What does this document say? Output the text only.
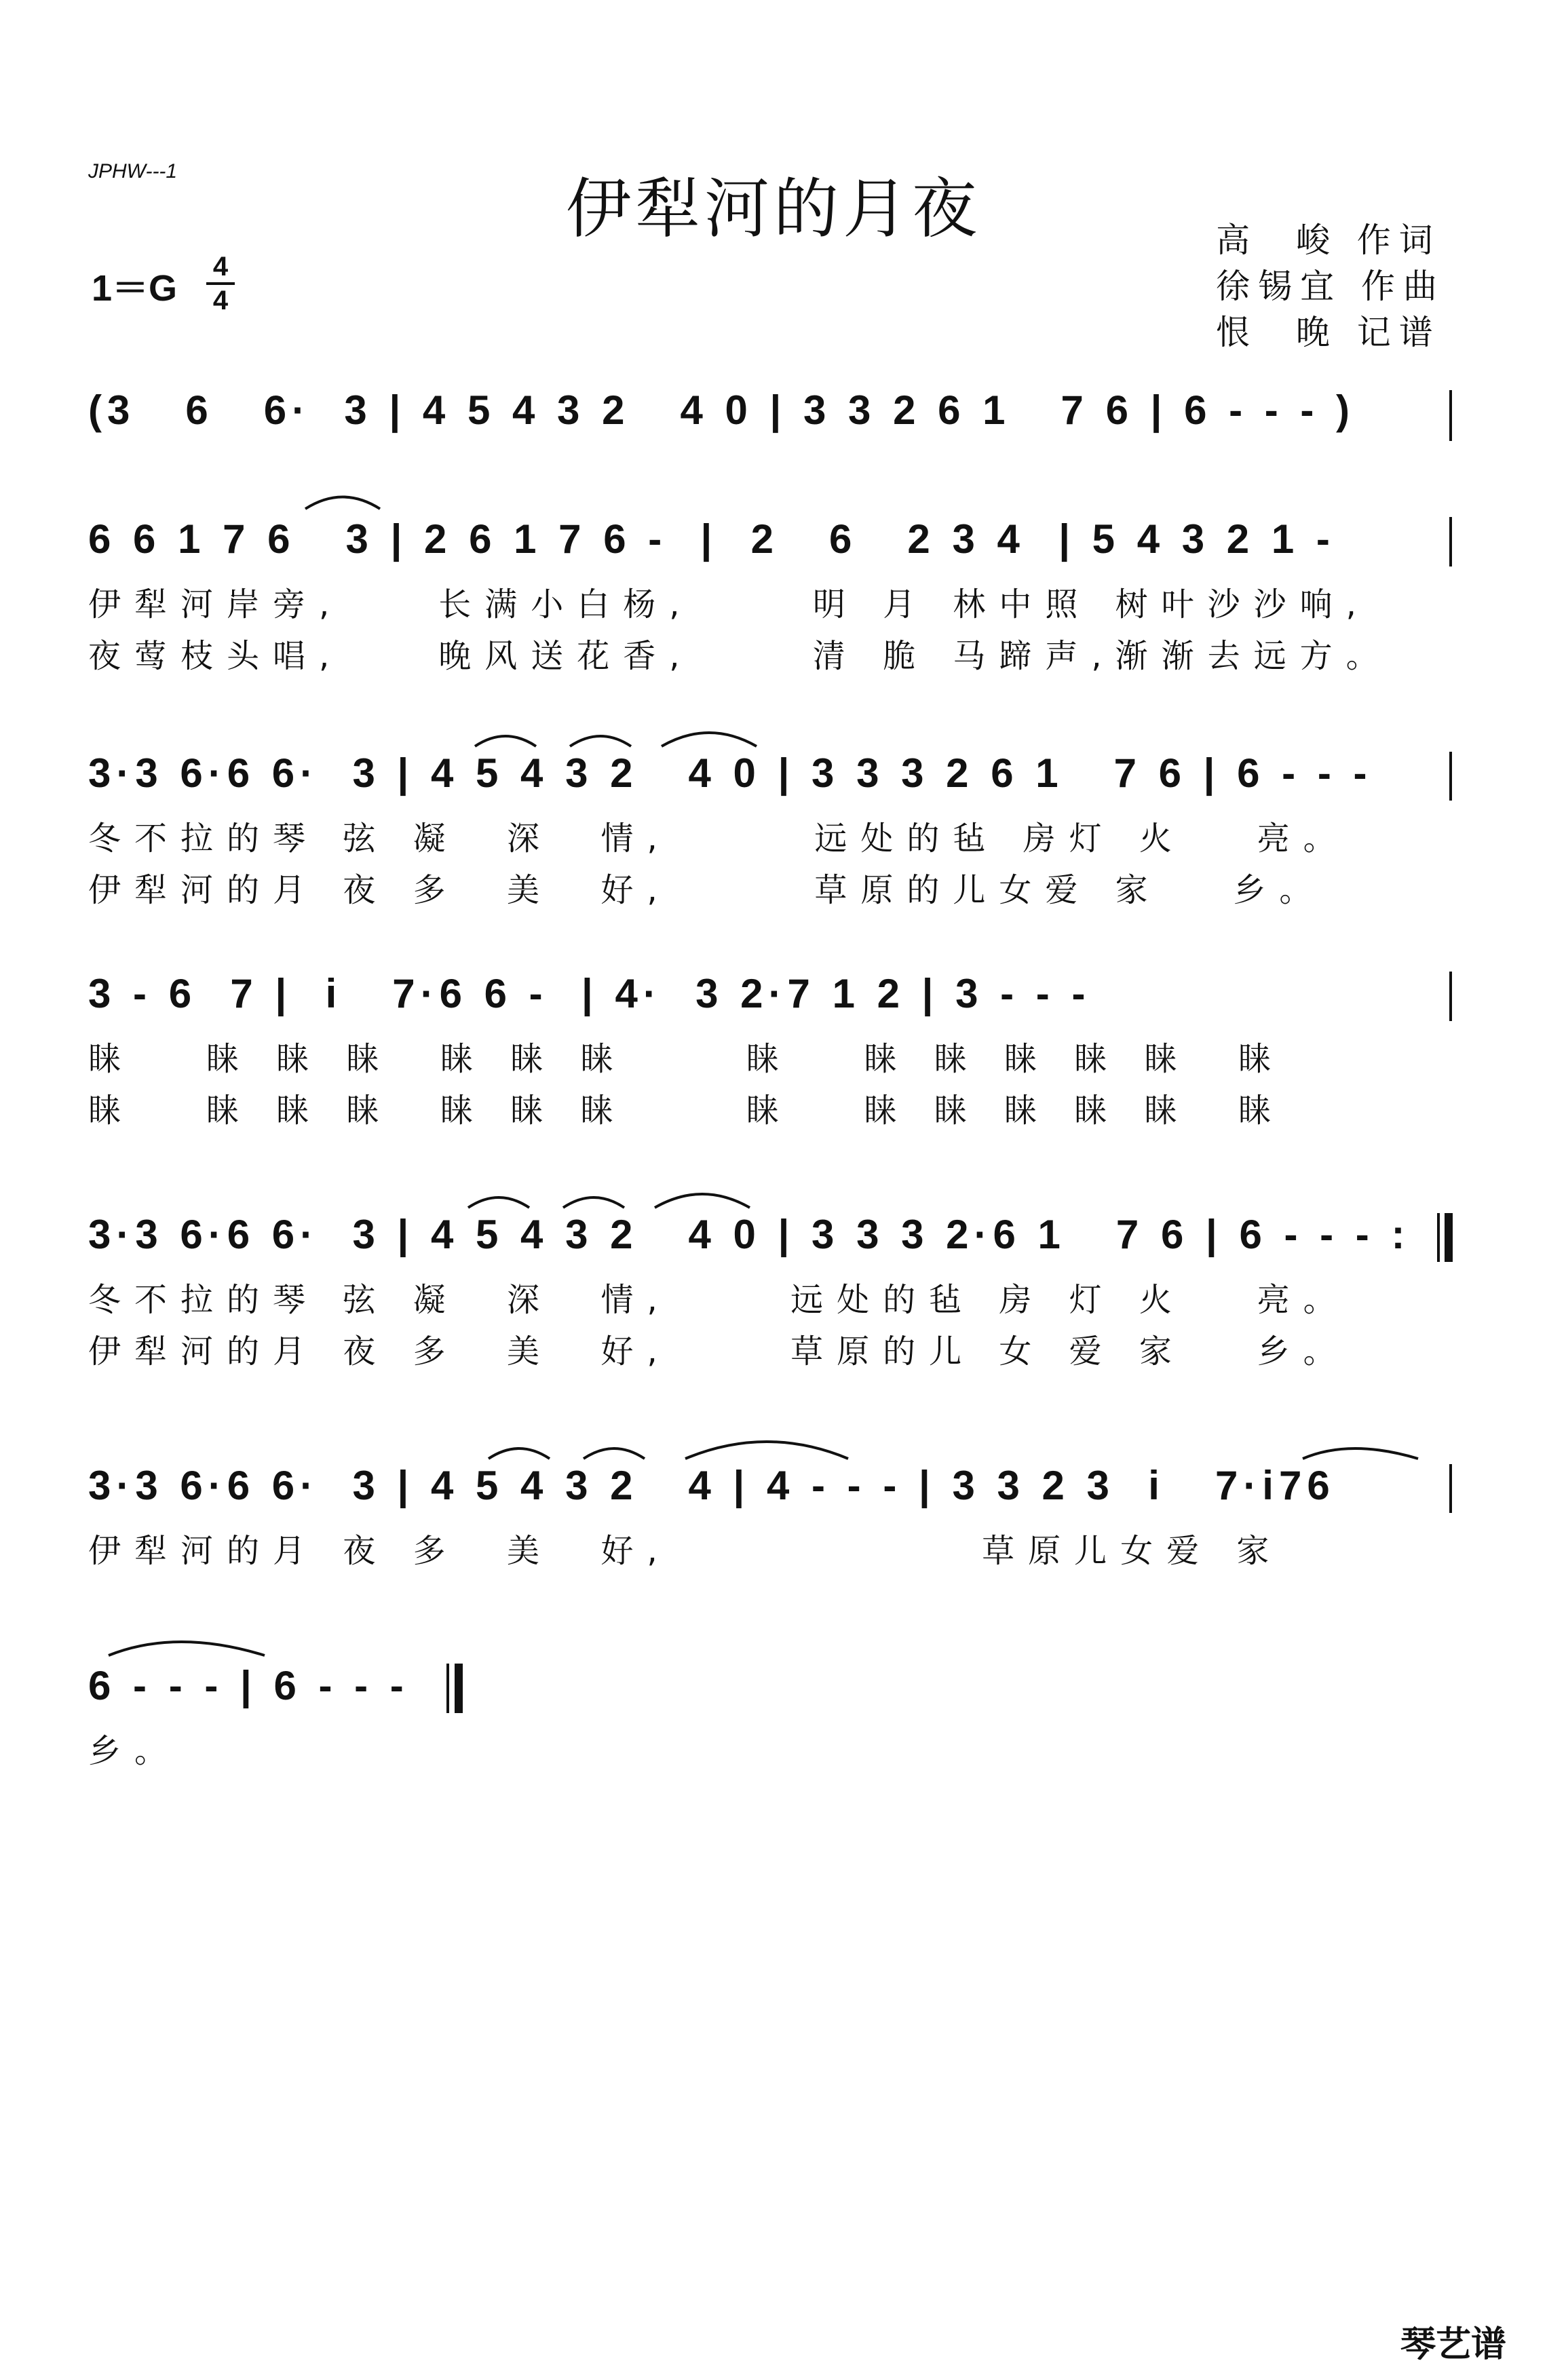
JPHW---1	伊犁河的月夜
1＝G
4
4
高  峻 作词
徐锡宜 作曲
恨  晚 记谱
(3   6   6·  3 | 4 5 4 3 2   4 0 | 3 3 2 6 1   7 6 | 6 - - - )
6 6 1 7 6   3 | 2 6 1 7 6 -  |  2   6   2 3 4  | 5 4 3 2 1 -
伊犁河岸旁,    长满小白杨,     明 月 林中照 树叶沙沙响,
夜莺枝头唱,    晚风送花香,     清 脆 马蹄声,渐渐去远方。
3·3 6·6 6·  3 | 4 5 4 3 2   4 0 | 3 3 3 2 6 1   7 6 | 6 - - -
冬不拉的琴 弦 凝  深  情,      远处的毡 房灯 火   亮。
伊犁河的月 夜 多  美  好,      草原的儿女爱 家   乡。
3 - 6  7 |  i   7·6 6 -  | 4·  3 2·7 1 2 | 3 - - -
睐   睐 睐 睐  睐 睐 睐     睐   睐 睐 睐 睐 睐  睐
睐   睐 睐 睐  睐 睐 睐     睐   睐 睐 睐 睐 睐  睐
3·3 6·6 6·  3 | 4 5 4 3 2   4 0 | 3 3 3 2·6 1   7 6 | 6 - - - :
冬不拉的琴 弦 凝  深  情,     远处的毡 房 灯 火   亮。
伊犁河的月 夜 多  美  好,     草原的儿 女 爱 家   乡。
3·3 6·6 6·  3 | 4 5 4 3 2   4 | 4 - - - | 3 3 2 3  i   7·i76
伊犁河的月 夜 多  美  好,             草原儿女爱 家
6 - - - | 6 - - -
乡。
琴艺谱
